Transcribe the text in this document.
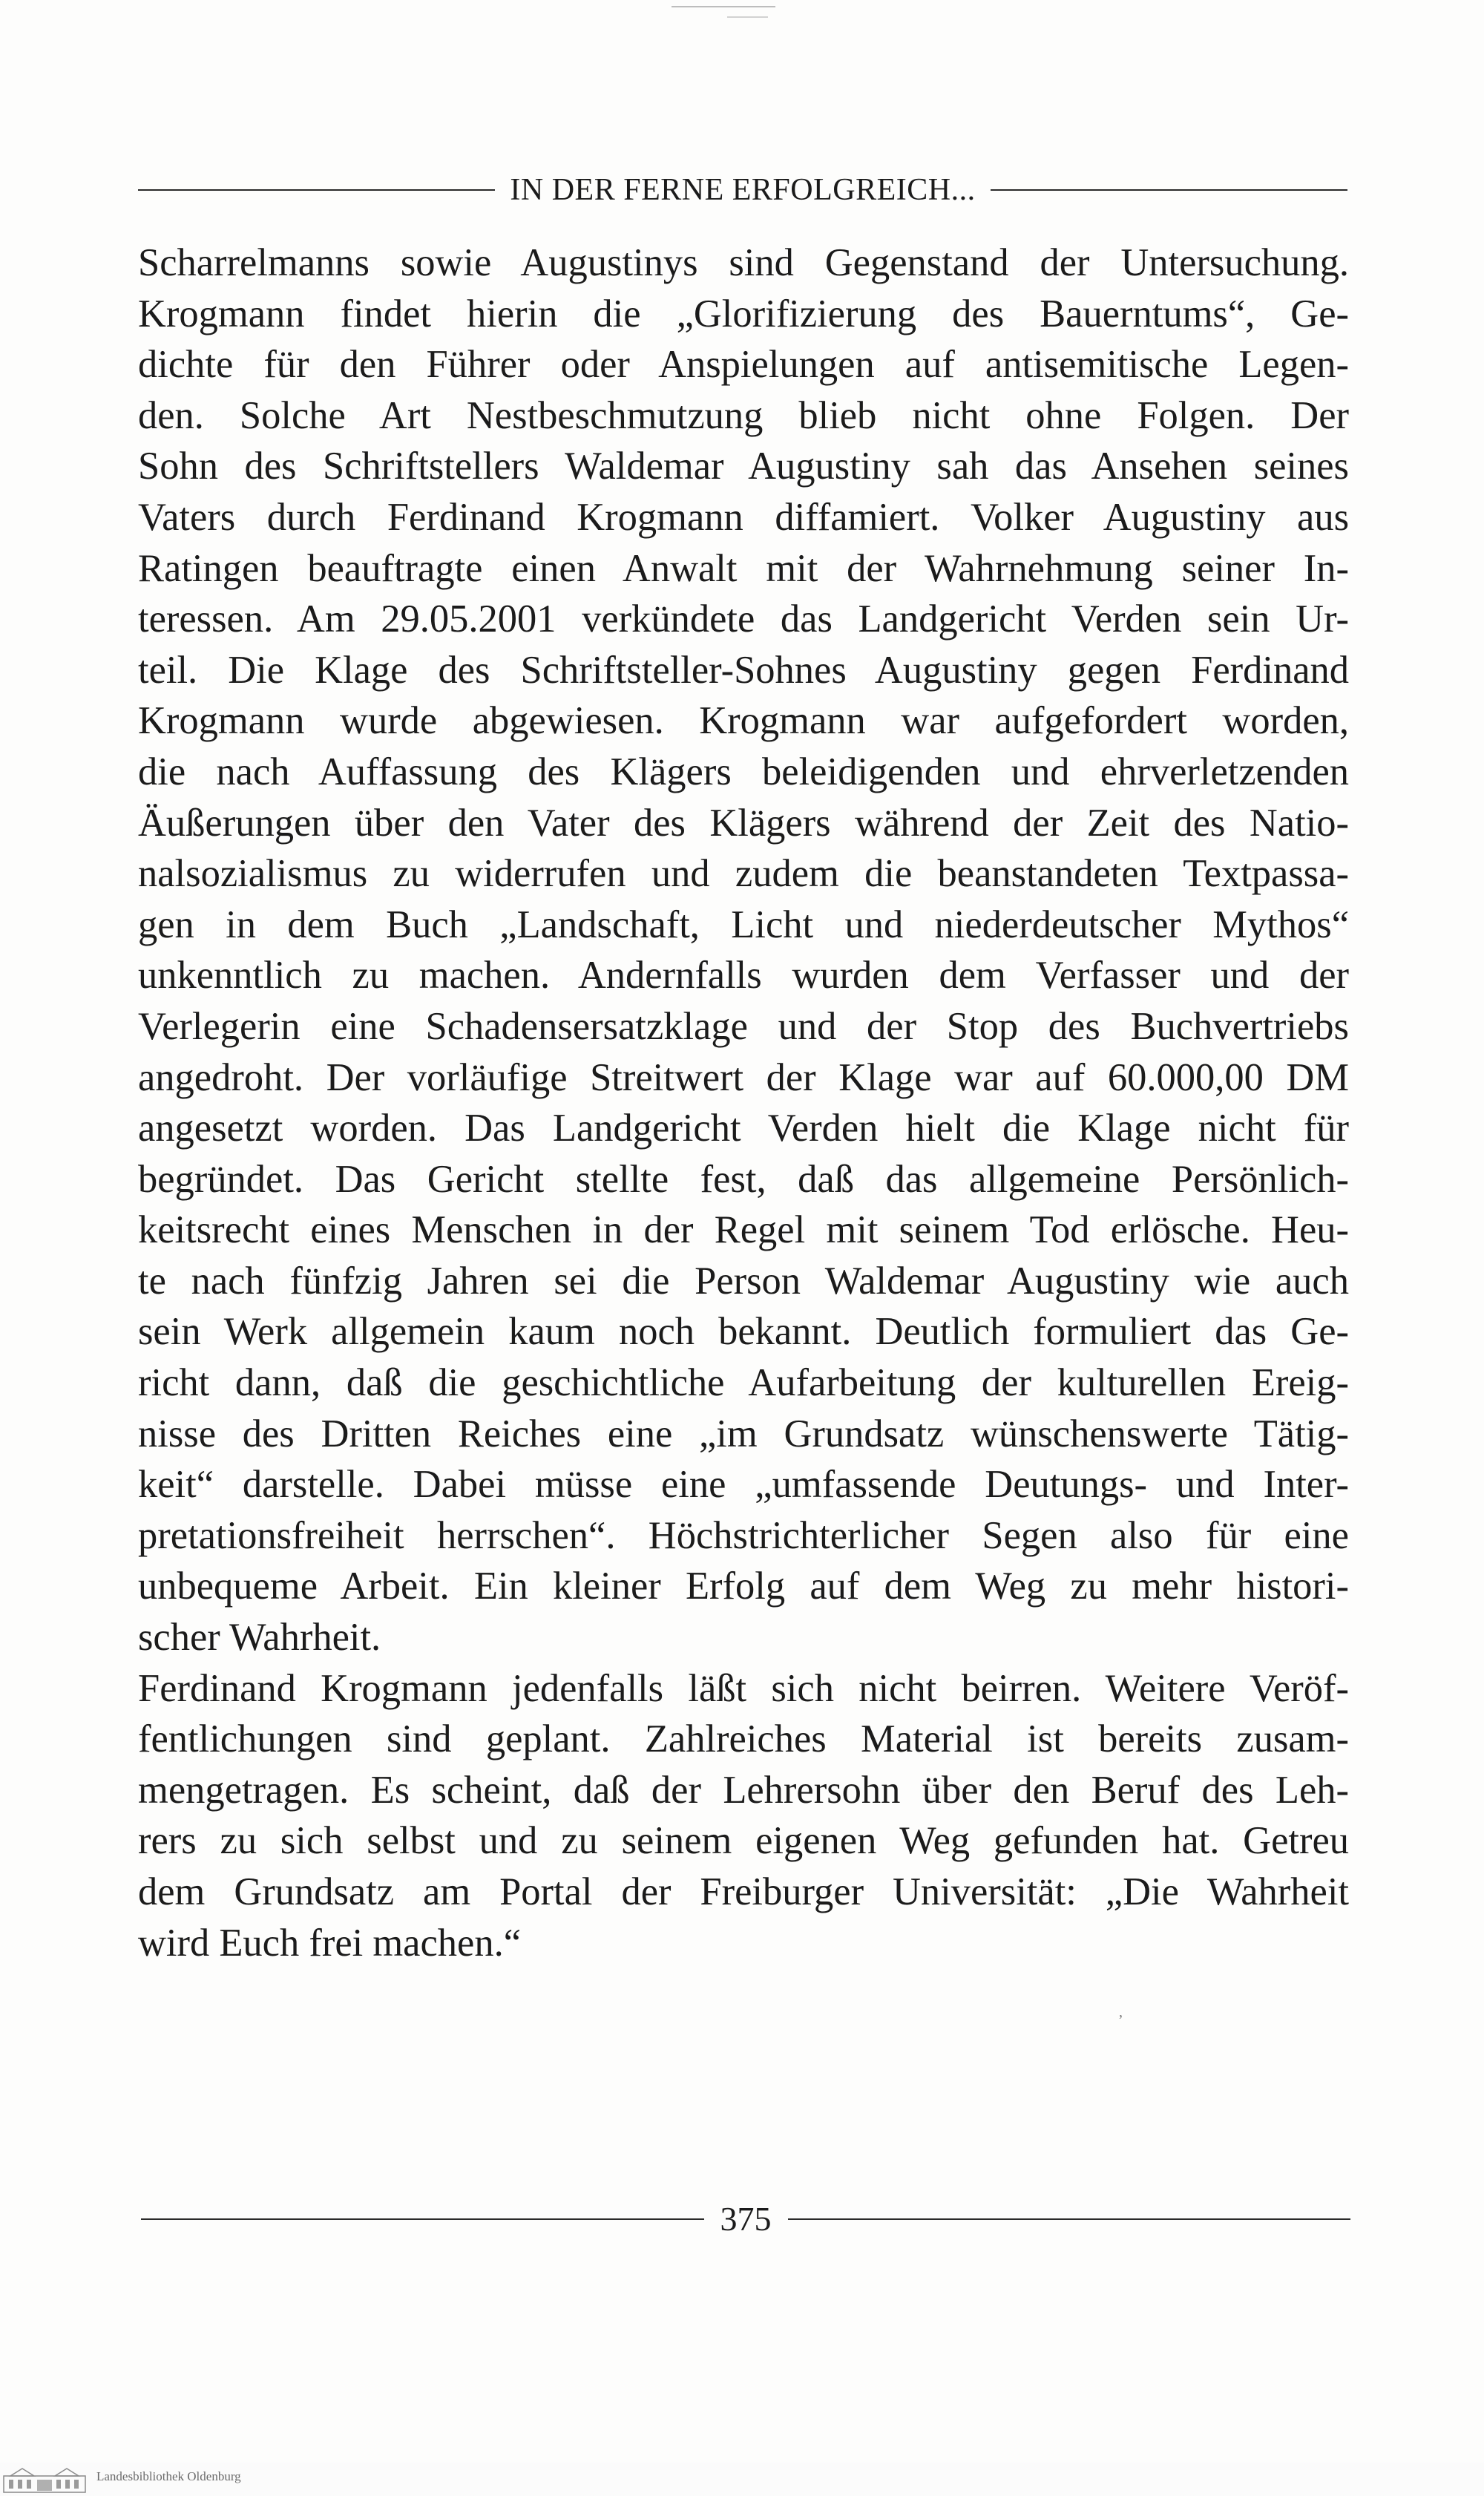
IN DER FERNE ERFOLGREICH...
Scharrelmanns sowie Augustinys sind Gegenstand der Untersuchung.
Krogmann findet hierin die „Glorifizierung des Bauerntums“, Ge-
dichte für den Führer oder Anspielungen auf antisemitische Legen-
den. Solche Art Nestbeschmutzung blieb nicht ohne Folgen. Der
Sohn des Schriftstellers Waldemar Augustiny sah das Ansehen seines
Vaters durch Ferdinand Krogmann diffamiert. Volker Augustiny aus
Ratingen beauftragte einen Anwalt mit der Wahrnehmung seiner In-
teressen. Am 29.05.2001 verkündete das Landgericht Verden sein Ur-
teil. Die Klage des Schriftsteller-Sohnes Augustiny gegen Ferdinand
Krogmann wurde abgewiesen. Krogmann war aufgefordert worden,
die nach Auffassung des Klägers beleidigenden und ehrverletzenden
Äußerungen über den Vater des Klägers während der Zeit des Natio-
nalsozialismus zu widerrufen und zudem die beanstandeten Textpassa-
gen in dem Buch „Landschaft, Licht und niederdeutscher Mythos“
unkenntlich zu machen. Andernfalls wurden dem Verfasser und der
Verlegerin eine Schadensersatzklage und der Stop des Buchvertriebs
angedroht. Der vorläufige Streitwert der Klage war auf 60.000,00 DM
angesetzt worden. Das Landgericht Verden hielt die Klage nicht für
begründet. Das Gericht stellte fest, daß das allgemeine Persönlich-
keitsrecht eines Menschen in der Regel mit seinem Tod erlösche. Heu-
te nach fünfzig Jahren sei die Person Waldemar Augustiny wie auch
sein Werk allgemein kaum noch bekannt. Deutlich formuliert das Ge-
richt dann, daß die geschichtliche Aufarbeitung der kulturellen Ereig-
nisse des Dritten Reiches eine „im Grundsatz wünschenswerte Tätig-
keit“ darstelle. Dabei müsse eine „umfassende Deutungs- und Inter-
pretationsfreiheit herrschen“. Höchstrichterlicher Segen also für eine
unbequeme Arbeit. Ein kleiner Erfolg auf dem Weg zu mehr histori-
scher Wahrheit.
Ferdinand Krogmann jedenfalls läßt sich nicht beirren. Weitere Veröf-
fentlichungen sind geplant. Zahlreiches Material ist bereits zusam-
mengetragen. Es scheint, daß der Lehrersohn über den Beruf des Leh-
rers zu sich selbst und zu seinem eigenen Weg gefunden hat. Getreu
dem Grundsatz am Portal der Freiburger Universität: „Die Wahrheit
wird Euch frei machen.“
,
375
Landesbibliothek Oldenburg
